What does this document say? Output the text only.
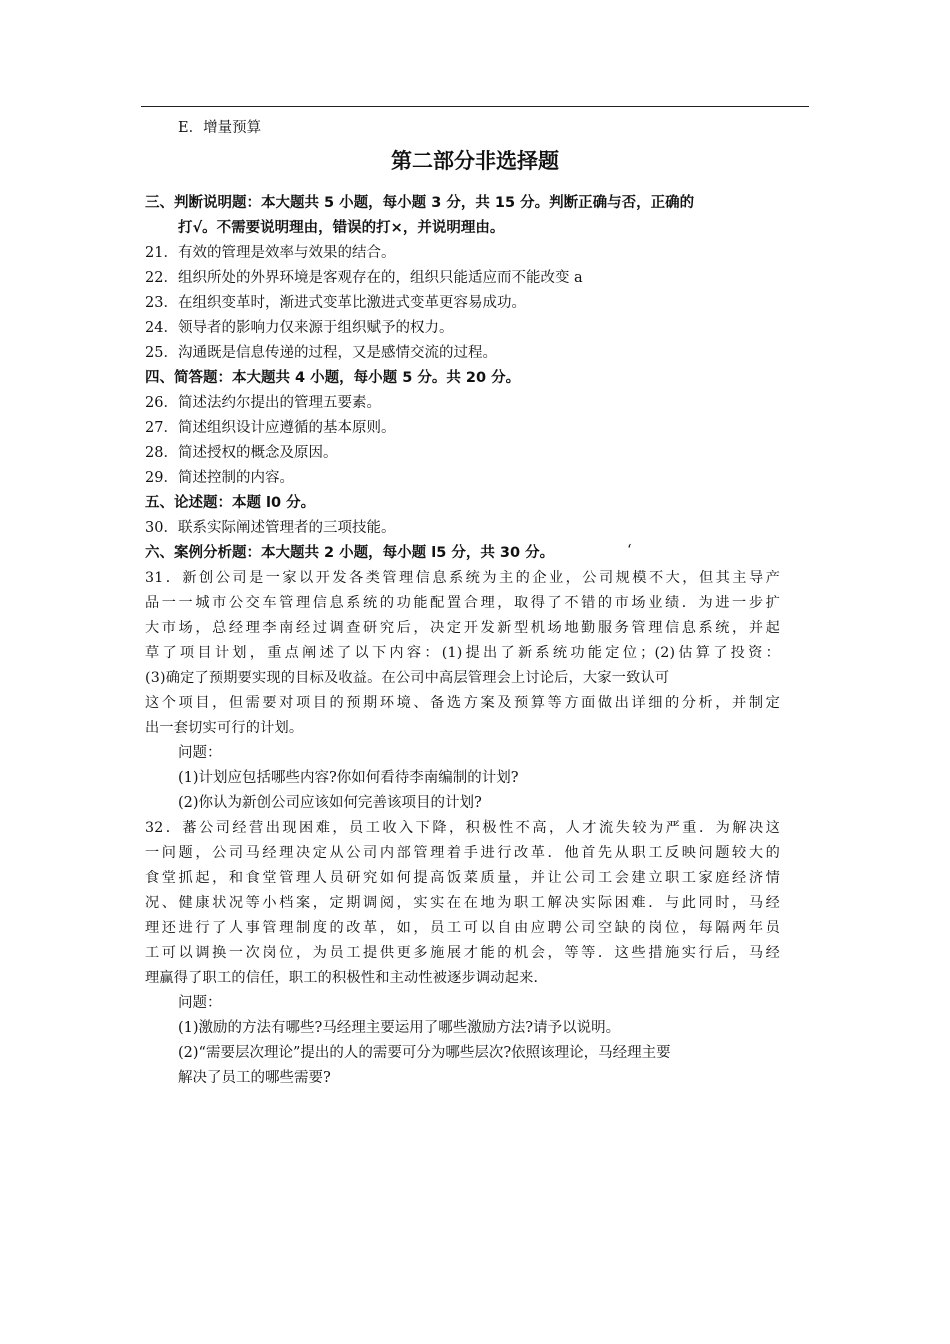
E．增量预算
第二部分非选择题
三、判断说明题：本大题共 5 小题，每小题 3 分，共 15 分。判断正确与否，正确的
打√。不需要说明理由，错误的打×，并说明理由。
21．有效的管理是效率与效果的结合。
22．组织所处的外界环境是客观存在的，组织只能适应而不能改变 a
23．在组织变革时，渐进式变革比激进式变革更容易成功。
24．领导者的影响力仅来源于组织赋予的权力。
25．沟通既是信息传递的过程，又是感情交流的过程。
四、简答题：本大题共 4 小题，每小题 5 分。共 20 分。
26．简述法约尔提出的管理五要素。
27．简述组织设计应遵循的基本原则。
28．简述授权的概念及原因。
29．简述控制的内容。
五、论述题：本题 l0 分。
30．联系实际阐述管理者的三项技能。
六、案例分析题：本大题共 2 小题，每小题 l5 分，共 30 分。	‘
31．新创公司是一家以开发各类管理信息系统为主的企业，公司规模不大，但其主导产
品一一城市公交车管理信息系统的功能配置合理，取得了不错的市场业绩．为进一步扩
大市场，总经理李南经过调查研究后，决定开发新型机场地勤服务管理信息系统，并起
草了项目计划，重点阐述了以下内容：(1)提出了新系统功能定位；(2)估算了投资：
(3)确定了预期要实现的目标及收益。在公司中高层管理会上讨论后，大家一致认可
这个项目，但需要对项目的预期环境、备选方案及预算等方面做出详细的分析，并制定
出一套切实可行的计划。
问题：
(1)计划应包括哪些内容?你如何看待李南编制的计划?
(2)你认为新创公司应该如何完善该项目的计划?
32．蕃公司经营出现困难，员工收入下降，积极性不高，人才流失较为严重．为解决这
一问题，公司马经理决定从公司内部管理着手进行改革．他首先从职工反映问题较大的
食堂抓起，和食堂管理人员研究如何提高饭菜质量，并让公司工会建立职工家庭经济情
况、健康状况等小档案，定期调阅，实实在在地为职工解决实际困难．与此同时，马经
理还进行了人事管理制度的改革，如，员工可以自由应聘公司空缺的岗位，每隔两年员
工可以调换一次岗位，为员工提供更多施展才能的机会，等等．这些措施实行后，马经
理赢得了职工的信任，职工的积极性和主动性被逐步调动起来．
问题：
(1)激励的方法有哪些?马经理主要运用了哪些激励方法?请予以说明。
(2)“需要层次理论”提出的人的需要可分为哪些层次?依照该理论，马经理主要
解决了员工的哪些需要?
